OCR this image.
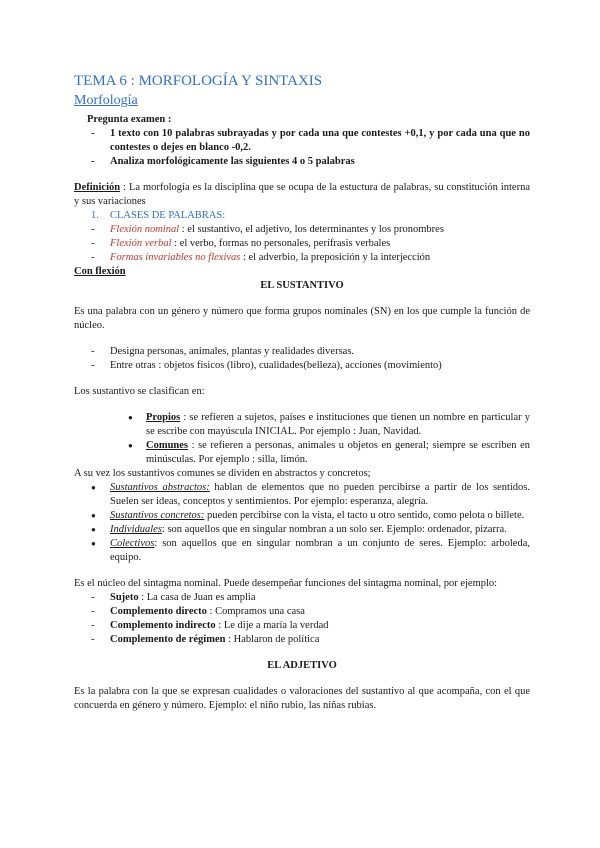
TEMA 6 : MORFOLOGÍA Y SINTAXIS
Morfología
Pregunta examen :
- 1 texto con 10 palabras subrayadas y por cada una que contestes +0,1, y por cada una que no contestes o dejes en blanco -0,2.
- Analiza morfológicamente las siguientes 4 o 5 palabras

Definición : La morfología es la disciplina que se ocupa de la estuctura de palabras, su constitución interna y sus variaciones

1. CLASES DE PALABRAS:
- Flexión nominal : el sustantivo, el adjetivo, los determinantes y los pronombres
- Flexión verbal : el verbo, formas no personales, perífrasis verbales
- Formas invariables no flexivas : el adverbio, la preposición y la interjección
Con flexión

EL SUSTANTIVO

Es una palabra con un género y número que forma grupos nominales (SN) en los que cumple la función de núcleo.

- Designa personas, animales, plantas y realidades diversas.
- Entre otras : objetos físicos (libro), cualidades(belleza), acciones (movimiento)

Los sustantivo se clasifican en:

● Propios : se refieren a sujetos, países e instituciones que tienen un nombre en particular y se escribe con mayúscula INICIAL. Por ejemplo : Juan, Navidad.
● Comunes : se refieren a personas, animales u objetos en general; siempre se escriben en minúsculas. Por ejemplo : silla, limón.

A su vez los sustantivos comunes se dividen en abstractos y concretos;

● Sustantivos abstractos: hablan de elementos que no pueden percibirse a partir de los sentidos. Suelen ser ideas, conceptos y sentimientos. Por ejemplo: esperanza, alegría.
● Sustantivos concretos: pueden percibirse con la vista, el tacto u otro sentido, como pelota o billete.
● Individuales: son aquellos que en singular nombran a un solo ser. Ejemplo: ordenador, pizarra.
● Colectivos: son aquellos que en singular nombran a un conjunto de seres. Ejemplo: arboleda, equipo.

Es el núcleo del sintagma nominal. Puede desempeñar funciones del sintagma nominal, por ejemplo:

- Sujeto : La casa de Juan es amplia
- Complemento directo : Compramos una casa
- Complemento indirecto : Le dije a maría la verdad
- Complemento de régimen : Hablaron de política

EL ADJETIVO

Es la palabra con la que se expresan cualidades o valoraciones del sustantivo al que acompaña, con el que concuerda en género y número. Ejemplo: el niño rubio, las niñas rubias.
